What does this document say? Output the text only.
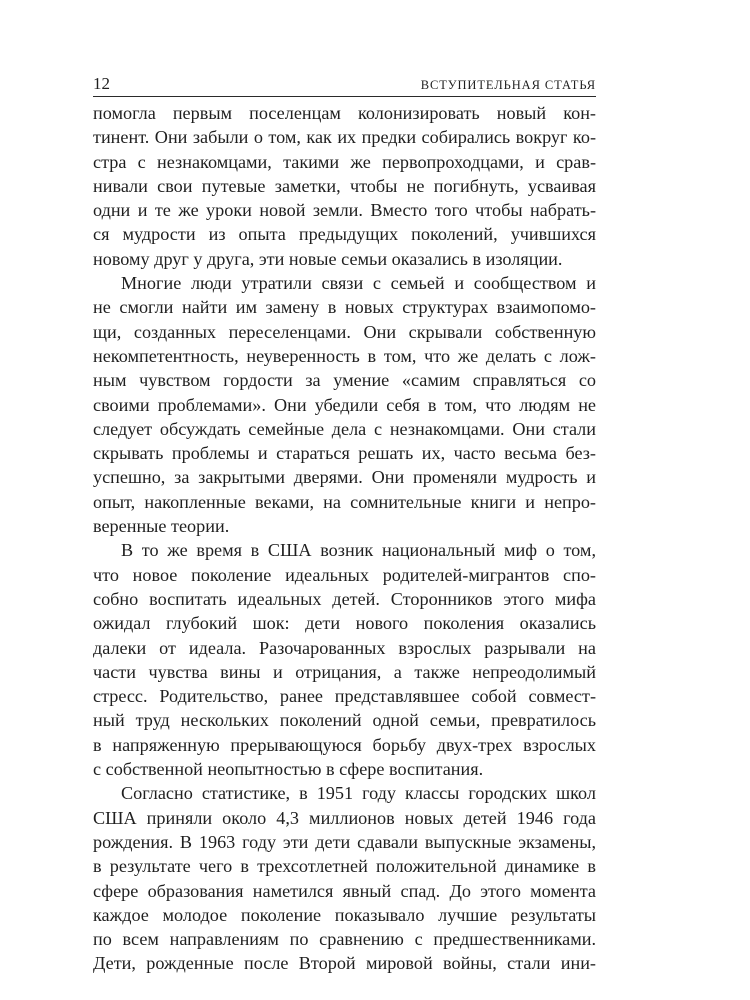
12	ВСТУПИТЕЛЬНАЯ СТАТЬЯ
помогла первым поселенцам колонизировать новый кон-
тинент. Они забыли о том, как их предки собирались вокруг ко-
стра с незнакомцами, такими же первопроходцами, и срав-
нивали свои путевые заметки, чтобы не погибнуть, усваивая
одни и те же уроки новой земли. Вместо того чтобы набрать-
ся мудрости из опыта предыдущих поколений, учившихся
новому друг у друга, эти новые семьи оказались в изоляции.
Многие люди утратили связи с семьей и сообществом и
не смогли найти им замену в новых структурах взаимопомо-
щи, созданных переселенцами. Они скрывали собственную
некомпетентность, неуверенность в том, что же делать с лож-
ным чувством гордости за умение «самим справляться со
своими проблемами». Они убедили себя в том, что людям не
следует обсуждать семейные дела с незнакомцами. Они стали
скрывать проблемы и стараться решать их, часто весьма без-
успешно, за закрытыми дверями. Они променяли мудрость и
опыт, накопленные веками, на сомнительные книги и непро-
веренные теории.
В то же время в США возник национальный миф о том,
что новое поколение идеальных родителей-мигрантов спо-
собно воспитать идеальных детей. Сторонников этого мифа
ожидал глубокий шок: дети нового поколения оказались
далеки от идеала. Разочарованных взрослых разрывали на
части чувства вины и отрицания, а также непреодолимый
стресс. Родительство, ранее представлявшее собой совмест-
ный труд нескольких поколений одной семьи, превратилось
в напряженную прерывающуюся борьбу двух-трех взрослых
с собственной неопытностью в сфере воспитания.
Согласно статистике, в 1951 году классы городских школ
США приняли около 4,3 миллионов новых детей 1946 года
рождения. В 1963 году эти дети сдавали выпускные экзамены,
в результате чего в трехсотлетней положительной динамике в
сфере образования наметился явный спад. До этого момента
каждое молодое поколение показывало лучшие результаты
по всем направлениям по сравнению с предшественниками.
Дети, рожденные после Второй мировой войны, стали ини-
